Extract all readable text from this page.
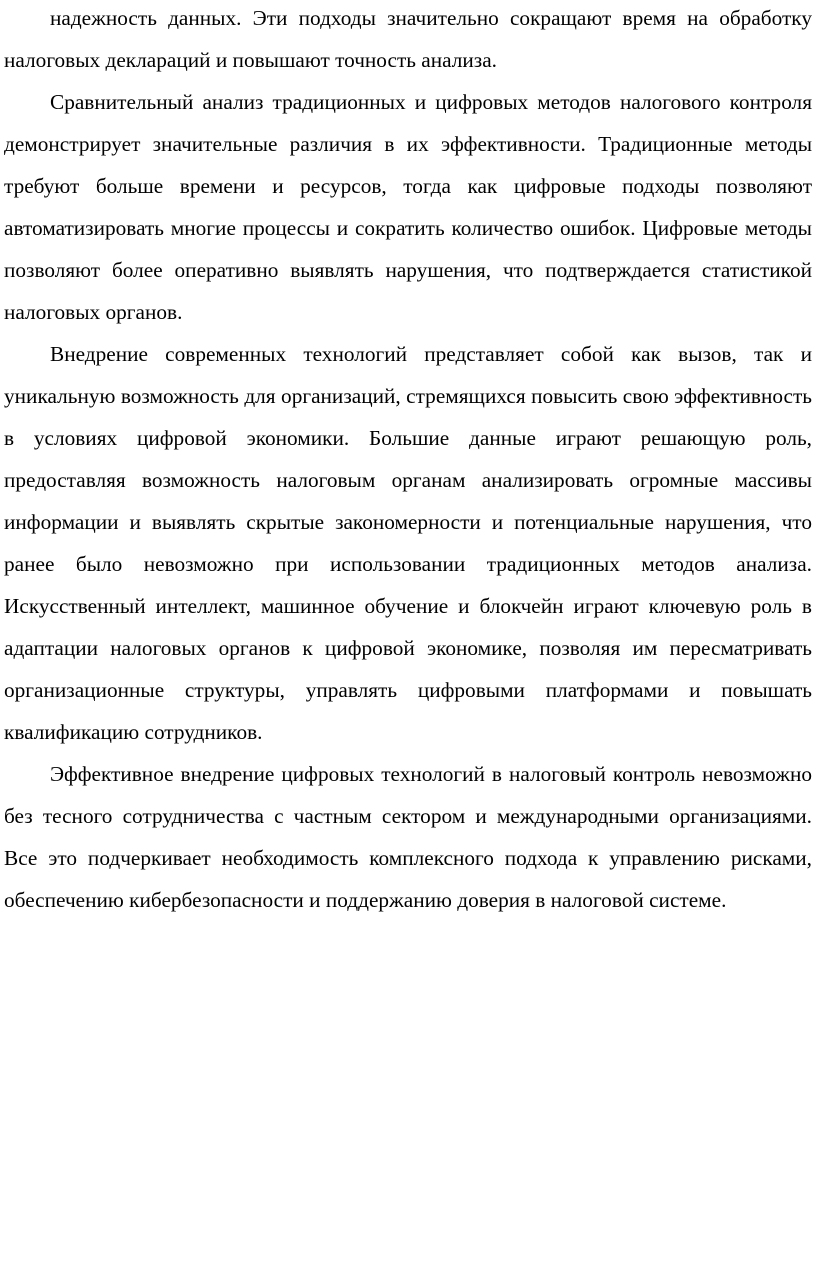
надежность данных. Эти подходы значительно сокращают время на обработку налоговых деклараций и повышают точность анализа.

Сравнительный анализ традиционных и цифровых методов налогового контроля демонстрирует значительные различия в их эффективности. Традиционные методы требуют больше времени и ресурсов, тогда как цифровые подходы позволяют автоматизировать многие процессы и сократить количество ошибок. Цифровые методы позволяют более оперативно выявлять нарушения, что подтверждается статистикой налоговых органов.

Внедрение современных технологий представляет собой как вызов, так и уникальную возможность для организаций, стремящихся повысить свою эффективность в условиях цифровой экономики. Большие данные играют решающую роль, предоставляя возможность налоговым органам анализировать огромные массивы информации и выявлять скрытые закономерности и потенциальные нарушения, что ранее было невозможно при использовании традиционных методов анализа. Искусственный интеллект, машинное обучение и блокчейн играют ключевую роль в адаптации налоговых органов к цифровой экономике, позволяя им пересматривать организационные структуры, управлять цифровыми платформами и повышать квалификацию сотрудников.

Эффективное внедрение цифровых технологий в налоговый контроль невозможно без тесного сотрудничества с частным сектором и международными организациями. Все это подчеркивает необходимость комплексного подхода к управлению рисками, обеспечению кибербезопасности и поддержанию доверия в налоговой системе.
